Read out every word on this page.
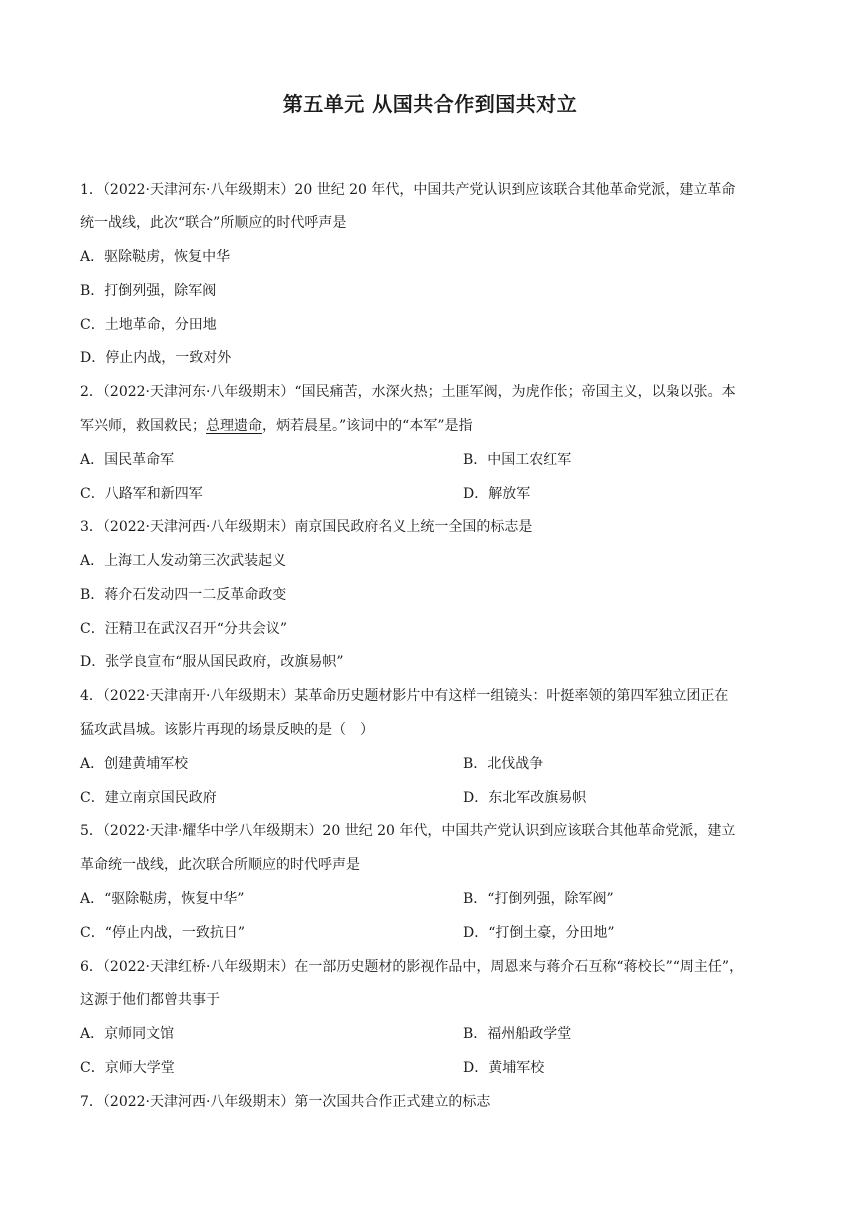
第五单元 从国共合作到国共对立
1．（2022·天津河东·八年级期末）20 世纪 20 年代，中国共产党认识到应该联合其他革命党派，建立革命
统一战线，此次“联合”所顺应的时代呼声是
A．驱除鞑虏，恢复中华
B．打倒列强，除军阀
C．土地革命，分田地
D．停止内战，一致对外
2．（2022·天津河东·八年级期末）“国民痛苦，水深火热；土匪军阀，为虎作伥；帝国主义，以枭以张。本
军兴师，救国救民；总理遗命，炳若晨星。”该词中的“本军”是指
A．国民革命军	B．中国工农红军
C．八路军和新四军	D．解放军
3．（2022·天津河西·八年级期末）南京国民政府名义上统一全国的标志是
A．上海工人发动第三次武装起义
B．蒋介石发动四一二反革命政变
C．汪精卫在武汉召开“分共会议”
D．张学良宣布“服从国民政府，改旗易帜”
4．（2022·天津南开·八年级期末）某革命历史题材影片中有这样一组镜头：叶挺率领的第四军独立团正在
猛攻武昌城。该影片再现的场景反映的是（　）
A．创建黄埔军校	B．北伐战争
C．建立南京国民政府	D．东北军改旗易帜
5．（2022·天津·耀华中学八年级期末）20 世纪 20 年代，中国共产党认识到应该联合其他革命党派，建立
革命统一战线，此次联合所顺应的时代呼声是
A．“驱除鞑虏，恢复中华”	B．“打倒列强，除军阀”
C．“停止内战，一致抗日”	D．“打倒土豪，分田地”
6．（2022·天津红桥·八年级期末）在一部历史题材的影视作品中，周恩来与蒋介石互称“蒋校长”“周主任”，
这源于他们都曾共事于
A．京师同文馆	B．福州船政学堂
C．京师大学堂	D．黄埔军校
7．（2022·天津河西·八年级期末）第一次国共合作正式建立的标志
